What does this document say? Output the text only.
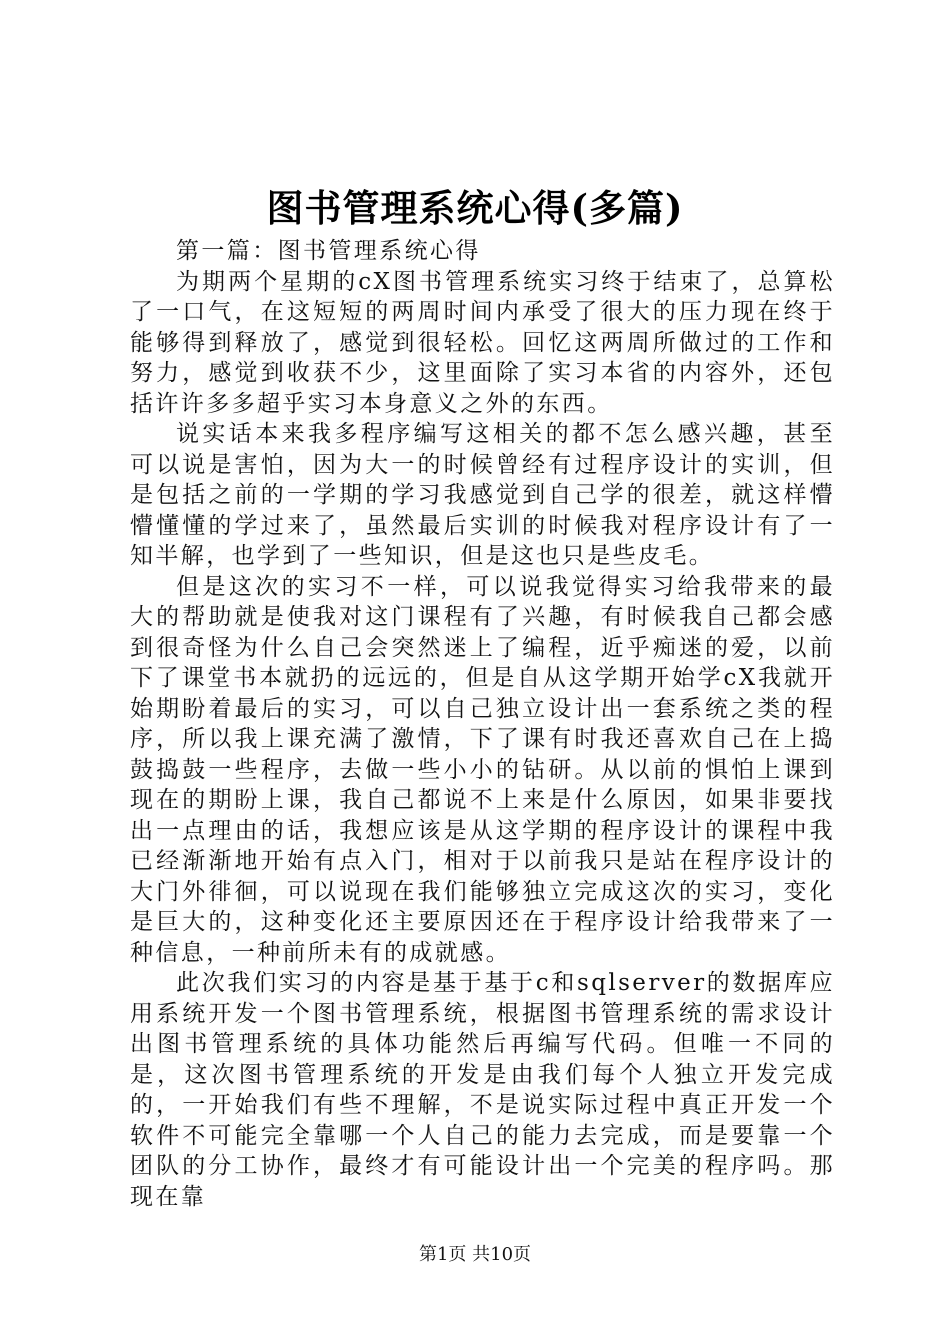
图书管理系统心得(多篇)

第一篇：图书管理系统心得

为期两个星期的cX图书管理系统实习终于结束了，总算松了一口气，在这短短的两周时间内承受了很大的压力现在终于能够得到释放了，感觉到很轻松。回忆这两周所做过的工作和努力，感觉到收获不少，这里面除了实习本省的内容外，还包括许许多多超乎实习本身意义之外的东西。

说实话本来我多程序编写这相关的都不怎么感兴趣，甚至可以说是害怕，因为大一的时候曾经有过程序设计的实训，但是包括之前的一学期的学习我感觉到自己学的很差，就这样懵懵懂懂的学过来了，虽然最后实训的时候我对程序设计有了一知半解，也学到了一些知识，但是这也只是些皮毛。

但是这次的实习不一样，可以说我觉得实习给我带来的最大的帮助就是使我对这门课程有了兴趣，有时候我自己都会感到很奇怪为什么自己会突然迷上了编程，近乎痴迷的爱，以前下了课堂书本就扔的远远的，但是自从这学期开始学cX我就开始期盼着最后的实习，可以自己独立设计出一套系统之类的程序，所以我上课充满了激情，下了课有时我还喜欢自己在上捣鼓捣鼓一些程序，去做一些小小的钻研。从以前的惧怕上课到现在的期盼上课，我自己都说不上来是什么原因，如果非要找出一点理由的话，我想应该是从这学期的程序设计的课程中我已经渐渐地开始有点入门，相对于以前我只是站在程序设计的大门外徘徊，可以说现在我们能够独立完成这次的实习，变化是巨大的，这种变化还主要原因还在于程序设计给我带来了一种信息，一种前所未有的成就感。

此次我们实习的内容是基于基于c和sqlserver的数据库应用系统开发一个图书管理系统，根据图书管理系统的需求设计出图书管理系统的具体功能然后再编写代码。但唯一不同的是，这次图书管理系统的开发是由我们每个人独立开发完成的，一开始我们有些不理解，不是说实际过程中真正开发一个软件不可能完全靠哪一个人自己的能力去完成，而是要靠一个团队的分工协作，最终才有可能设计出一个完美的程序吗。那现在靠

第1页 共10页
